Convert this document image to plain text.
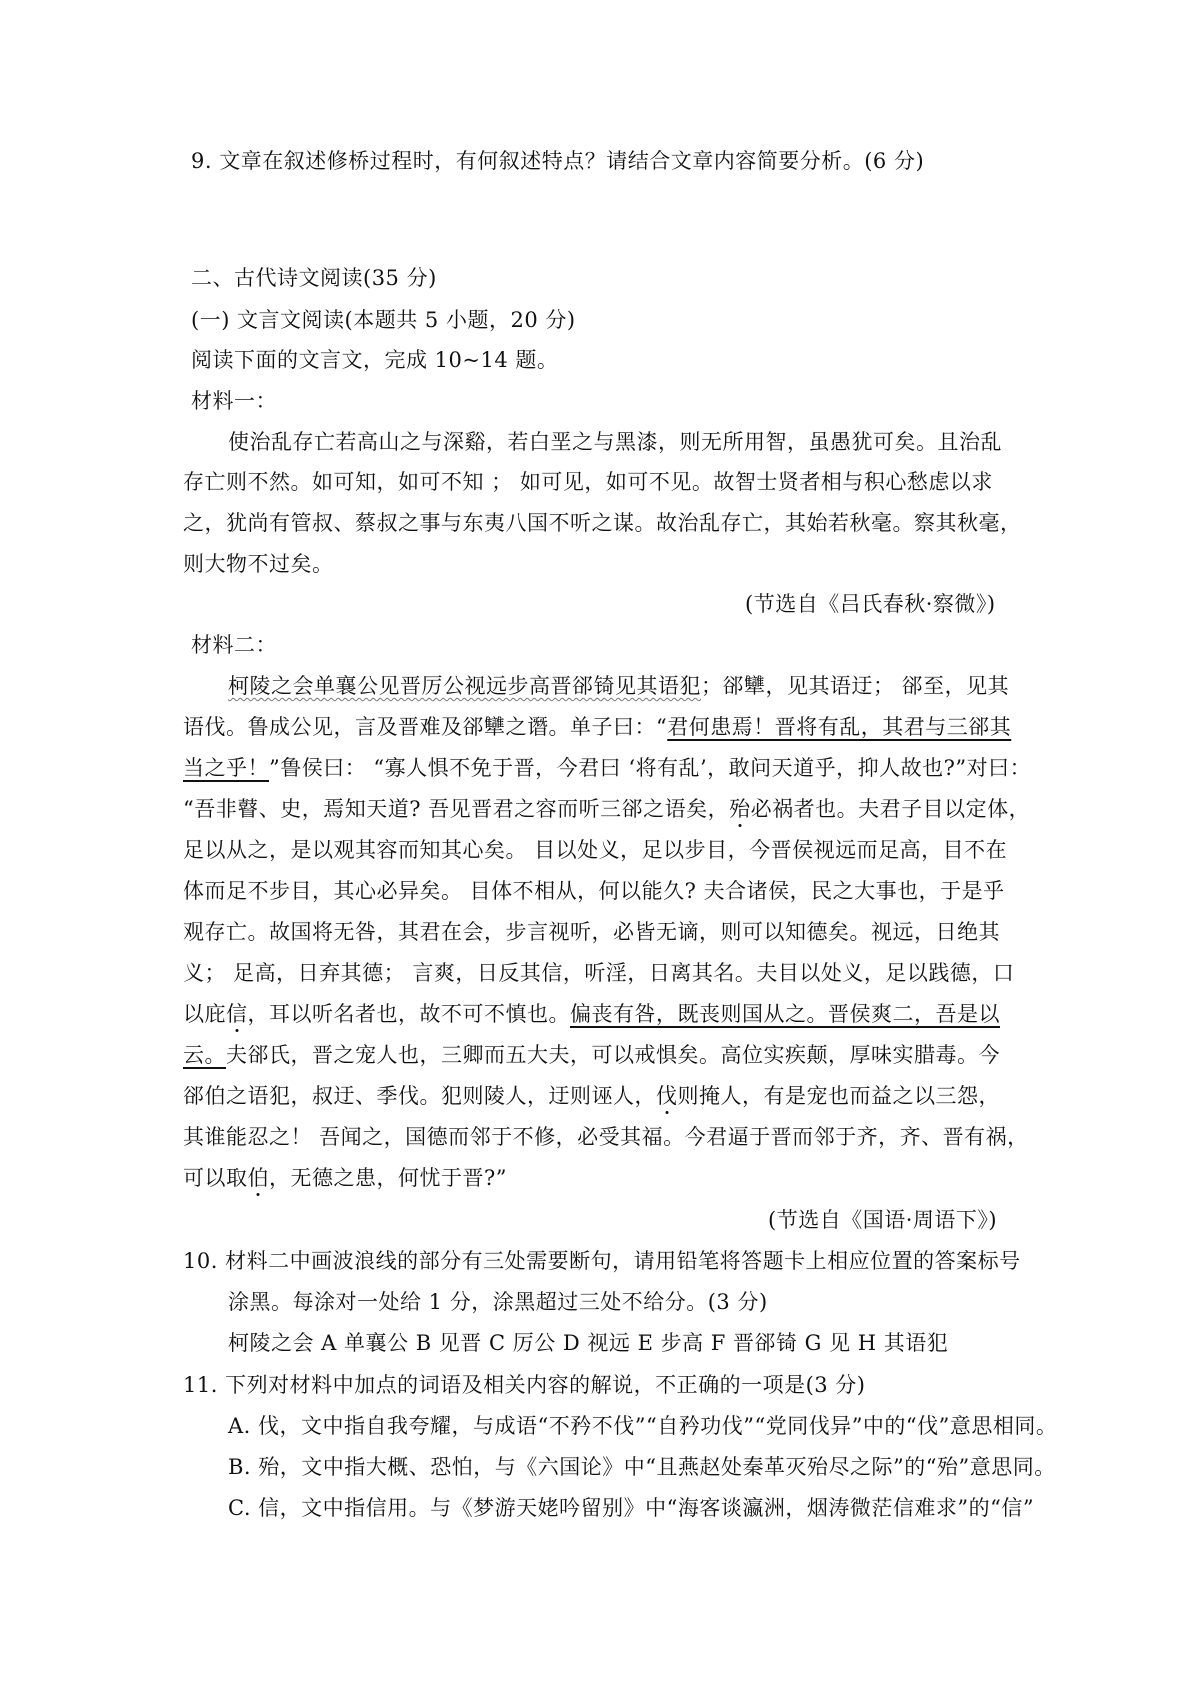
9. 文章在叙述修桥过程时，有何叙述特点？请结合文章内容简要分析。(6 分)
二、古代诗文阅读(35 分)
(一) 文言文阅读(本题共 5 小题，20 分)
阅读下面的文言文，完成 10~14 题。
材料一：
使治乱存亡若高山之与深谿，若白垩之与黑漆，则无所用智，虽愚犹可矣。且治乱
存亡则不然。如可知，如可不知 ； 如可见，如可不见。故智士贤者相与积心愁虑以求
之，犹尚有管叔、蔡叔之事与东夷八国不听之谋。故治乱存亡，其始若秋毫。察其秋毫，
则大物不过矣。
(节选自《吕氏春秋·察微》)
材料二：
柯陵之会单襄公见晋厉公视远步高晋郤锜见其语犯；郤犫，见其语迂； 郤至，见其
语伐。鲁成公见，言及晋难及郤犫之谮。单子曰：“君何患焉！晋将有乱，其君与三郤其
当之乎！”鲁侯曰： “寡人惧不免于晋，今君曰 ‘将有乱’，敢问天道乎，抑人故也?”对曰：
“吾非瞽、史，焉知天道? 吾见晋君之容而听三郤之语矣，殆必祸者也。夫君子目以定体，
足以从之，是以观其容而知其心矣。 目以处义，足以步目，今晋侯视远而足高，目不在
体而足不步目，其心必异矣。 目体不相从，何以能久? 夫合诸侯，民之大事也，于是乎
观存亡。故国将无咎，其君在会，步言视听，必皆无谪，则可以知德矣。视远，日绝其
义； 足高，日弃其德； 言爽，日反其信，听淫，日离其名。夫目以处义，足以践德，口
以庇信，耳以听名者也，故不可不慎也。偏丧有咎，既丧则国从之。晋侯爽二，吾是以
云。夫郤氏，晋之宠人也，三卿而五大夫，可以戒惧矣。高位实疾颠，厚味实腊毒。今
郤伯之语犯，叔迂、季伐。犯则陵人，迂则诬人，伐则掩人，有是宠也而益之以三怨，
其谁能忍之！ 吾闻之，国德而邻于不修，必受其福。今君逼于晋而邻于齐，齐、晋有祸，
可以取伯，无德之患，何忧于晋?”
(节选自《国语·周语下》)
10. 材料二中画波浪线的部分有三处需要断句，请用铅笔将答题卡上相应位置的答案标号
涂黑。每涂对一处给 1 分，涂黑超过三处不给分。(3 分)
柯陵之会 A 单襄公 B 见晋 C 厉公 D 视远 E 步高 F 晋郤锜 G 见 H 其语犯
11. 下列对材料中加点的词语及相关内容的解说，不正确的一项是(3 分)
A. 伐，文中指自我夸耀，与成语“不矜不伐”“自矜功伐”“党同伐异”中的“伐”意思相同。
B. 殆，文中指大概、恐怕，与《六国论》中“且燕赵处秦革灭殆尽之际”的“殆”意思同。
C. 信，文中指信用。与《梦游天姥吟留别》中“海客谈瀛洲，烟涛微茫信难求”的“信”
